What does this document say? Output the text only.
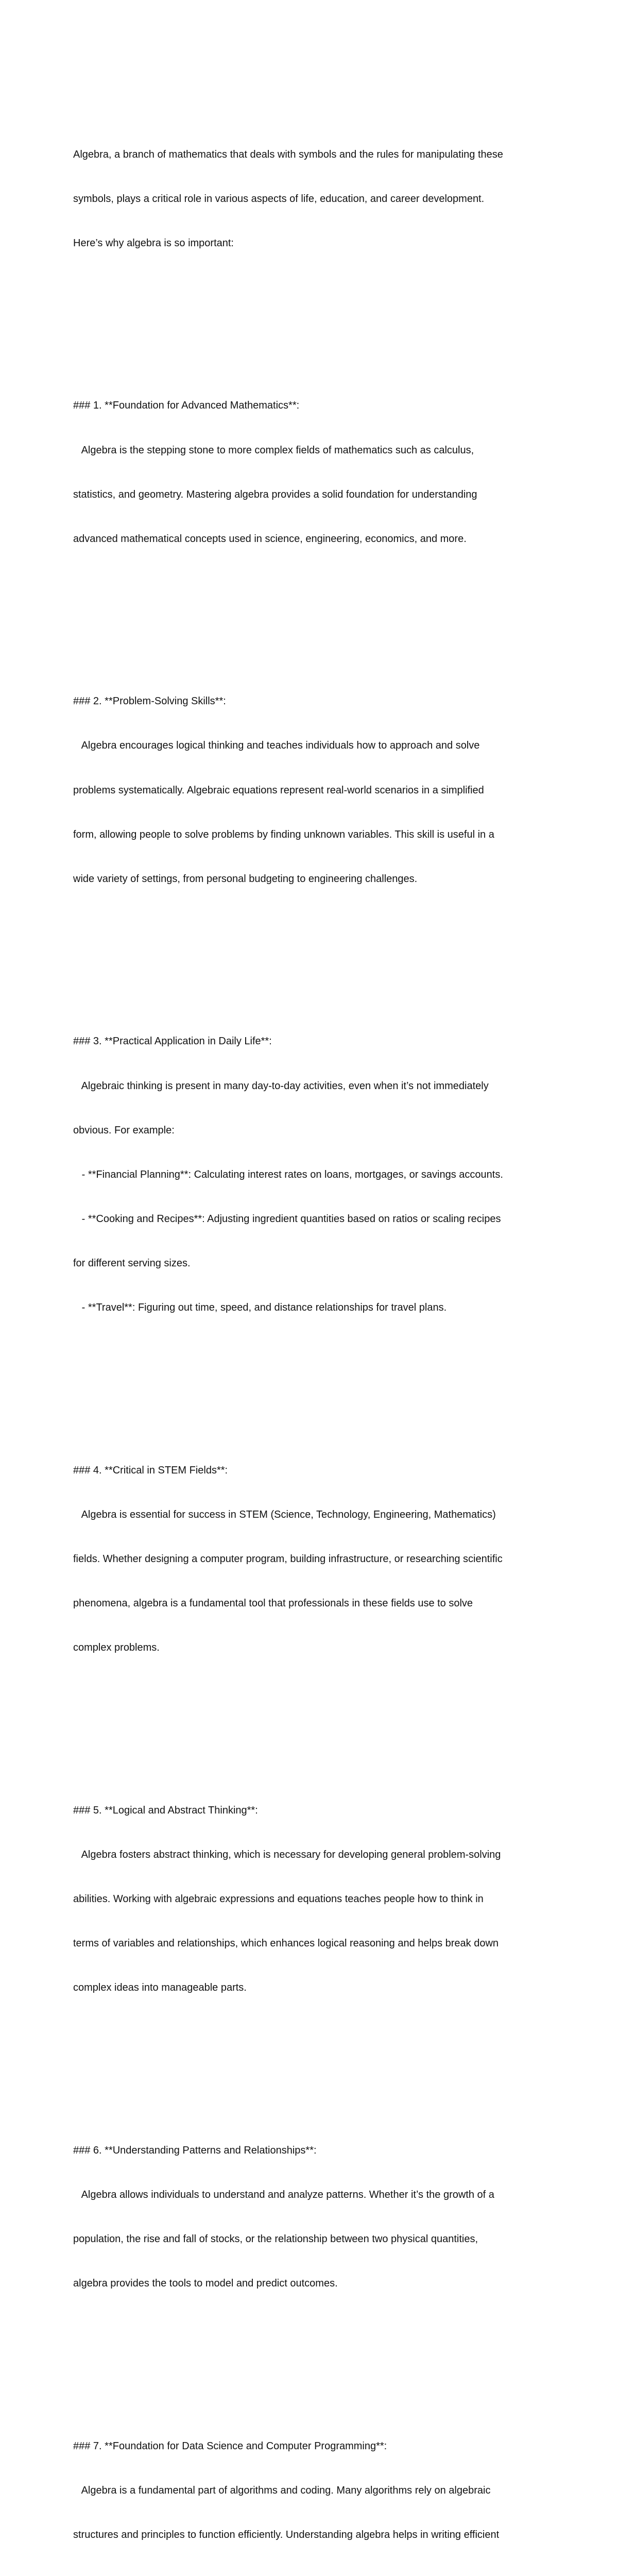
Algebra, a branch of mathematics that deals with symbols and the rules for manipulating these

symbols, plays a critical role in various aspects of life, education, and career development.

Here’s why algebra is so important:

### 1. **Foundation for Advanced Mathematics**:

Algebra is the stepping stone to more complex fields of mathematics such as calculus,

statistics, and geometry. Mastering algebra provides a solid foundation for understanding

advanced mathematical concepts used in science, engineering, economics, and more.

### 2. **Problem-Solving Skills**:

Algebra encourages logical thinking and teaches individuals how to approach and solve

problems systematically. Algebraic equations represent real-world scenarios in a simplified

form, allowing people to solve problems by finding unknown variables. This skill is useful in a

wide variety of settings, from personal budgeting to engineering challenges.

### 3. **Practical Application in Daily Life**:

Algebraic thinking is present in many day-to-day activities, even when it’s not immediately

obvious. For example:

- **Financial Planning**: Calculating interest rates on loans, mortgages, or savings accounts.

- **Cooking and Recipes**: Adjusting ingredient quantities based on ratios or scaling recipes

for different serving sizes.

- **Travel**: Figuring out time, speed, and distance relationships for travel plans.

### 4. **Critical in STEM Fields**:

Algebra is essential for success in STEM (Science, Technology, Engineering, Mathematics)

fields. Whether designing a computer program, building infrastructure, or researching scientific

phenomena, algebra is a fundamental tool that professionals in these fields use to solve

complex problems.

### 5. **Logical and Abstract Thinking**:

Algebra fosters abstract thinking, which is necessary for developing general problem-solving

abilities. Working with algebraic expressions and equations teaches people how to think in

terms of variables and relationships, which enhances logical reasoning and helps break down

complex ideas into manageable parts.

### 6. **Understanding Patterns and Relationships**:

Algebra allows individuals to understand and analyze patterns. Whether it’s the growth of a

population, the rise and fall of stocks, or the relationship between two physical quantities,

algebra provides the tools to model and predict outcomes.

### 7. **Foundation for Data Science and Computer Programming**:

Algebra is a fundamental part of algorithms and coding. Many algorithms rely on algebraic

structures and principles to function efficiently. Understanding algebra helps in writing efficient
